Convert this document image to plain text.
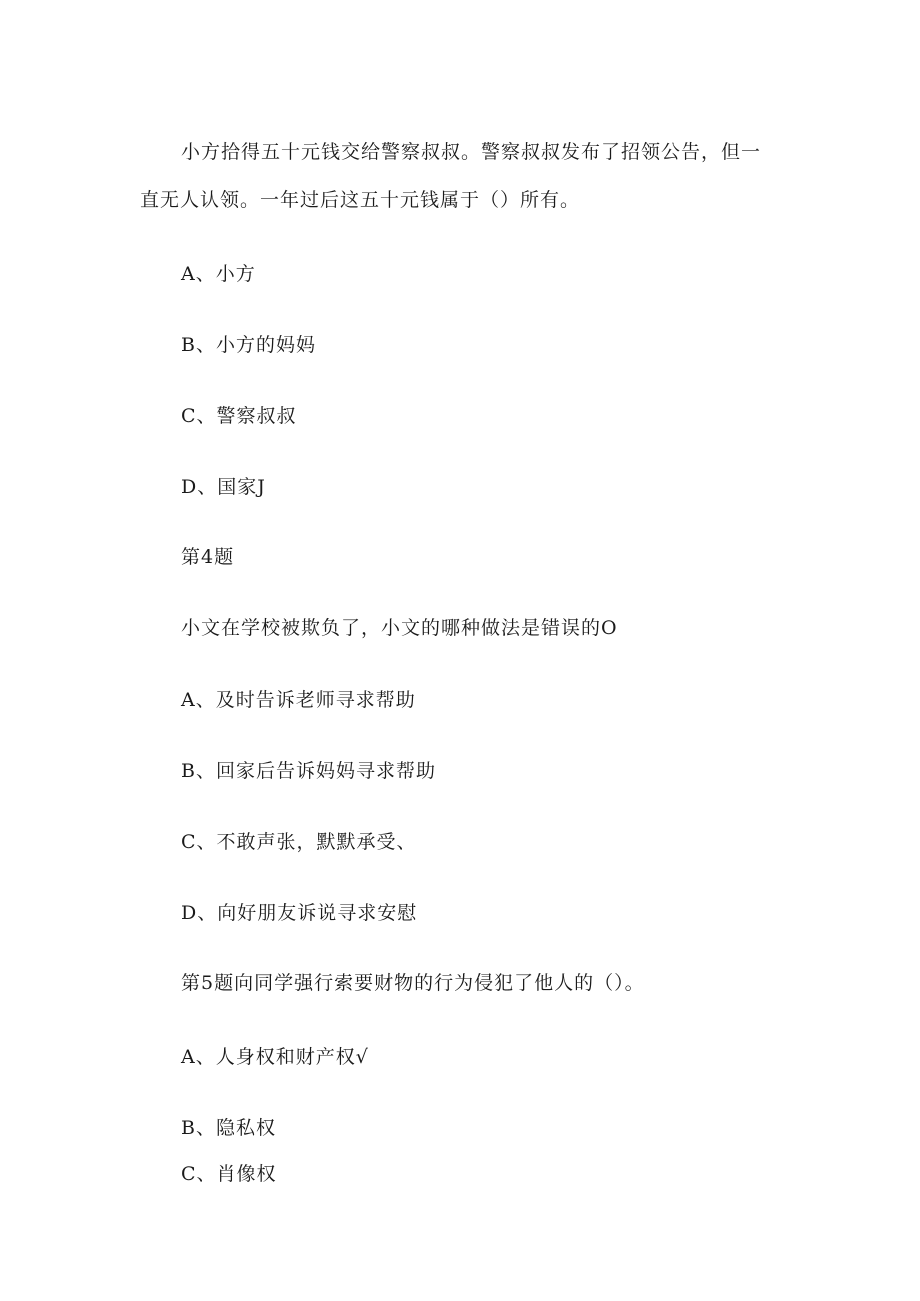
小方拾得五十元钱交给警察叔叔。警察叔叔发布了招领公告，但一
直无人认领。一年过后这五十元钱属于（）所有。
A、小方
B、小方的妈妈
C、警察叔叔
D、国家J
第4题
小文在学校被欺负了，小文的哪种做法是错误的O
A、及时告诉老师寻求帮助
B、回家后告诉妈妈寻求帮助
C、不敢声张，默默承受、
D、向好朋友诉说寻求安慰
第5题向同学强行索要财物的行为侵犯了他人的（）。
A、人身权和财产权√
B、隐私权
C、肖像权
